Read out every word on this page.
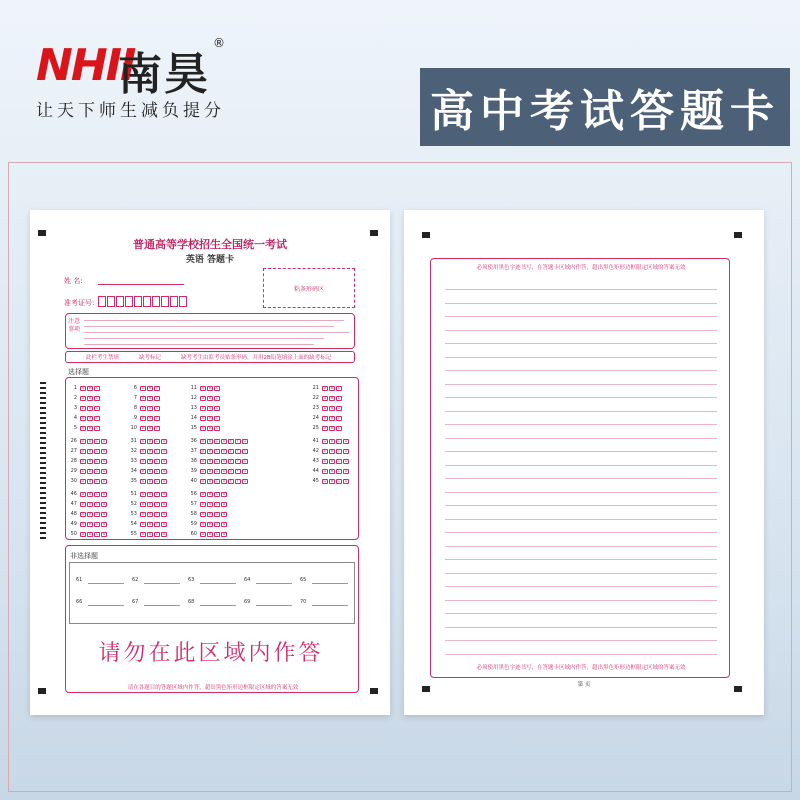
NHII
南昊
®
让天下师生减负提分	高中考试答题卡
普通高等学校招生全国统一考试
英语 答题卡
姓 名:
准考证号:
粘条形码区
注意事项
此栏考生禁填	缺考标记	缺考考生由监考员贴条形码，并用2B铅笔填涂上面的缺考标记
选择题
1	A	B	C	6	A	B	C	11	A	B	C	21	A	B	C
2	A	B	C	7	A	B	C	12	A	B	C	22	A	B	C
3	A	B	C	8	A	B	C	13	A	B	C	23	A	B	C
4	A	B	C	9	A	B	C	14	A	B	C	24	A	B	C
5	A	B	C	10	A	B	C	15	A	B	C	25	A	B	C
26	A	B	C	D	31	A	B	C	D	36	A	B	C	D	E	F	G	41	A	B	C	D
27	A	B	C	D	32	A	B	C	D	37	A	B	C	D	E	F	G	42	A	B	C	D
28	A	B	C	D	33	A	B	C	D	38	A	B	C	D	E	F	G	43	A	B	C	D
29	A	B	C	D	34	A	B	C	D	39	A	B	C	D	E	F	G	44	A	B	C	D
30	A	B	C	D	35	A	B	C	D	40	A	B	C	D	E	F	G	45	A	B	C	D
46	A	B	C	D	51	A	B	C	D	56	A	B	C	D
47	A	B	C	D	52	A	B	C	D	57	A	B	C	D
48	A	B	C	D	53	A	B	C	D	58	A	B	C	D
49	A	B	C	D	54	A	B	C	D	59	A	B	C	D
50	A	B	C	D	55	A	B	C	D	60	A	B	C	D
非选择题
61	62	63	64	65
66	67	68	69	70
请勿在此区域内作答
请在各题目的答题区域内作答，超出黑色矩形边框限定区域的答案无效
必须使用黑色字迹书写，在答题卡区域内作答，超出黑色矩形边框限定区域的答案无效
必须使用黑色字迹书写，在答题卡区域内作答，超出黑色矩形边框限定区域的答案无效
第 页
